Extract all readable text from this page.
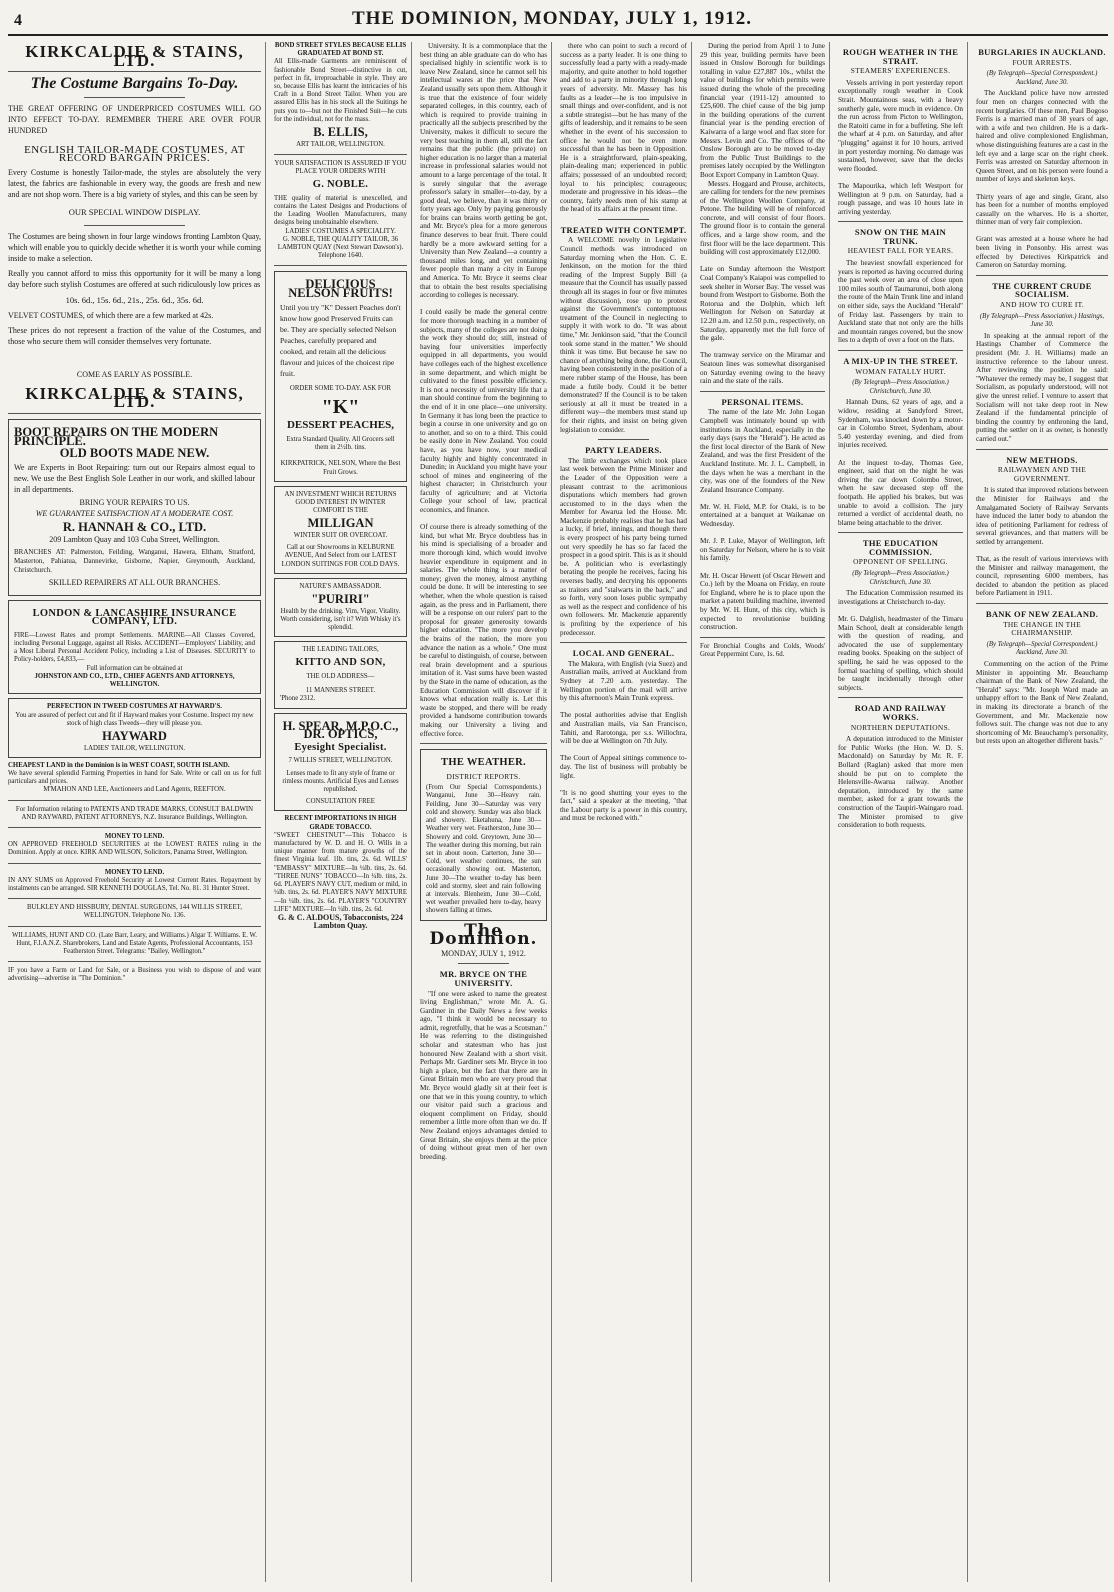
4	THE DOMINION, MONDAY, JULY 1, 1912.
KIRKCALDIE & STAINS, LTD.
The Costume Bargains To-Day.
THE GREAT OFFERING OF UNDERPRICED COSTUMES WILL GO INTO EFFECT TO-DAY. REMEMBER THERE ARE OVER FOUR HUNDRED
ENGLISH TAILOR-MADE COSTUMES, AT RECORD BARGAIN PRICES.
Every Costume is honestly Tailor-made, the styles are absolutely the very latest, the fabrics are fashionable in every way, the goods are fresh and new and are not shop worn. There is a big variety of styles, and this can be seen by
OUR SPECIAL WINDOW DISPLAY.
The Costumes are being shown in four large windows fronting Lambton Quay, which will enable you to quickly decide whether it is worth your while coming inside to make a selection.
Really you cannot afford to miss this opportunity for it will be many a long day before such stylish Costumes are offered at such ridiculously low prices as
10s. 6d., 15s. 6d., 21s., 25s. 6d., 35s. 6d.
VELVET COSTUMES, of which there are a few marked at 42s.
These prices do not represent a fraction of the value of the Costumes, and those who secure them will consider themselves very fortunate.
COME AS EARLY AS POSSIBLE.
KIRKCALDIE & STAINS, LTD.
BOOT REPAIRS ON THE MODERN PRINCIPLE.
OLD BOOTS MADE NEW.
We are Experts in Boot Repairing: turn out our Repairs almost equal to new. We use the Best English Sole Leather in our work, and skilled labour in all departments.
BRING YOUR REPAIRS TO US.
WE GUARANTEE SATISFACTION AT A MODERATE COST.
R. HANNAH & CO., LTD.
209 Lambton Quay and 103 Cuba Street, Wellington.
BRANCHES AT: Palmerston, Feilding, Wanganui, Hawera, Eltham, Stratford, Masterton, Pahiatua, Dannevirke, Gisborne, Napier, Greymouth, Auckland, Christchurch.
SKILLED REPAIRERS AT ALL OUR BRANCHES.
LONDON & LANCASHIRE INSURANCE COMPANY, LTD.
FIRE—Lowest Rates and prompt Settlements. MARINE—All Classes Covered, including Personal Luggage, against all Risks. ACCIDENT—Employers' Liability, and a Most Liberal Personal Accident Policy, including a List of Diseases. SECURITY to Policy-holders, £4,833,—
Full information can be obtained at
JOHNSTON AND CO., LTD., CHIEF AGENTS AND ATTORNEYS, WELLINGTON.
PERFECTION IN TWEED COSTUMES AT HAYWARD'S.
You are assured of perfect cut and fit if Hayward makes your Costume. Inspect my new stock of high class Tweeds—they will please you.
HAYWARD
LADIES' TAILOR, WELLINGTON.
CHEAPEST LAND in the Dominion is in WEST COAST, SOUTH ISLAND.
We have several splendid Farming Properties in hand for Sale. Write or call on us for full particulars and prices.
M'MAHON AND LEE, Auctioneers and Land Agents, REEFTON.
For Information relating to PATENTS AND TRADE MARKS, CONSULT BALDWIN AND RAYWARD, PATENT ATTORNEYS, N.Z. Insurance Buildings, Wellington.
MONEY TO LEND.
ON APPROVED FREEHOLD SECURITIES at the LOWEST RATES ruling in the Dominion. Apply at once. KIRK AND WILSON, Solicitors, Panama Street, Wellington.
MONEY TO LEND.
IN ANY SUMS on Approved Freehold Security at Lowest Current Rates. Repayment by instalments can be arranged. SIR KENNETH DOUGLAS, Tel. No. 81. 31 Hunter Street.
BULKLEY AND HISSBURY, DENTAL SURGEONS, 144 WILLIS STREET, WELLINGTON. Telephone No. 136.
WILLIAMS, HUNT AND CO. (Late Barr, Leary, and Williams.) Algar T. Williams. E. W. Hunt, F.I.A.N.Z. Sharebrokers, Land and Estate Agents, Professional Accountants, 153 Featherston Street. Telegrams: "Bailey, Wellington."
IF you have a Farm or Land for Sale, or a Business you wish to dispose of and want advertising—advertise in "The Dominion."
BOND STREET STYLES BECAUSE ELLIS GRADUATED AT BOND ST.
All Ellis-made Garments are reminiscent of fashionable Bond Street—distinctive in cut, perfect in fit, irreproachable in style. They are so, because Ellis has learnt the intricacies of his Craft in a Bond Street Tailor. When you are assured Ellis has in his stock all the Suitings he puts you to—but not the Finished Suit—he cuts for the individual, not for the mass.
B. ELLIS,
ART TAILOR, WELLINGTON.
YOUR SATISFACTION IS ASSURED IF YOU PLACE YOUR ORDERS WITH
G. NOBLE.
THE quality of material is unexcelled, and contains the Latest Designs and Productions of the Leading Woollen Manufacturers, many designs being unobtainable elsewhere.
LADIES' COSTUMES A SPECIALITY.
G. NOBLE, THE QUALITY TAILOR, 36 LAMBTON QUAY (Next Stewart Dawson's). Telephone 1640.
DELICIOUS NELSON FRUITS!
Until you try "K" Dessert Peaches don't know how good Preserved Fruits can be. They are specially selected Nelson Peaches, carefully prepared and cooked, and retain all the delicious flavour and juices of the choicest ripe fruit.
ORDER SOME TO-DAY. ASK FOR
"K"
DESSERT PEACHES,
Extra Standard Quality. All Grocers sell them in 2½lb. tins.
KIRKPATRICK, NELSON, Where the Best Fruit Grows.
AN INVESTMENT WHICH RETURNS GOOD INTEREST IN WINTER COMFORT IS THE
MILLIGAN
WINTER SUIT OR OVERCOAT.
Call at our Showrooms in KELBURNE AVENUE, And Select from our LATEST LONDON SUITINGS FOR COLD DAYS.
NATURE'S AMBASSADOR.
"PURIRI"
Health by the drinking. Vim, Vigor, Vitality. Worth considering, isn't it? With Whisky it's splendid.
THE LEADING TAILORS,
KITTO AND SON,
THE OLD ADDRESS—
11 MANNERS STREET.
'Phone 2312.
H. SPEAR, M.P.O.C., DR. OPTICS,
Eyesight Specialist.
7 WILLIS STREET, WELLINGTON.
Lenses made to fit any style of frame or rimless mounts. Artificial Eyes and Lenses republished.
CONSULTATION FREE
RECENT IMPORTATIONS IN HIGH GRADE TOBACCO.
"SWEET CHESTNUT"—This Tobacco is manufactured by W. D. and H. O. Wills in a unique manner from mature growths of the finest Virginia leaf. 1lb. tins, 2s. 6d. WILLS' "EMBASSY" MIXTURE—In ¼lb. tins, 2s. 6d. "THREE NUNS" TOBACCO—In ¼lb. tins, 2s. 6d. PLAYER'S NAVY CUT, medium or mild, in ¼lb. tins, 2s. 6d. PLAYER'S NAVY MIXTURE—In ¼lb. tins, 2s. 6d. PLAYER'S "COUNTRY LIFE" MIXTURE—In ¼lb. tins, 2s. 6d.
G. & C. ALDOUS, Tobacconists, 224 Lambton Quay.
University. It is a commonplace that the best thing an able graduate can do who has specialised highly in scientific work is to leave New Zealand, since he cannot sell his intellectual wares at the price that New Zealand usually sets upon them. Although it is true that the existence of four widely separated colleges, in this country, each of which is required to provide training in practically all the subjects prescribed by the University, makes it difficult to secure the very best teaching in them all, still the fact remains that the public (the private) on higher education is no larger than a material increase in professional salaries would not amount to a large percentage of the total. It is surely singular that the average professor's salary in smaller—to-day, by a good deal, we believe, than it was thirty or forty years ago. Only by paying generously for brains can brains worth getting be got, and Mr. Bryce's plea for a more generous finance deserves to bear fruit. There could hardly be a more awkward setting for a University than New Zealand—a country a thousand miles long, and yet containing fewer people than many a city in Europe and America. To Mr. Bryce it seems clear that to obtain the best results specialising according to colleges is necessary.

I could easily be made the general centre for more thorough teaching in a number of subjects, many of the colleges are not doing the work they should do; still, instead of having four universities imperfectly equipped in all departments, you would have colleges each of the highest excellence in some department, and which might be cultivated to the finest possible efficiency. It is not a necessity of university life that a man should continue from the beginning to the end of it in one place—one university. In Germany it has long been the practice to begin a course in one university and go on to another, and so on to a third. This could be easily done in New Zealand. You could have, as you have now, your medical faculty highly and highly concentrated in Dunedin; in Auckland you might have your school of mines and engineering of the highest character; in Christchurch your faculty of agriculture; and at Victoria College your school of law, practical economics, and finance.

Of course there is already something of the kind, but what Mr. Bryce doubtless has in his mind is specialising of a broader and more thorough kind, which would involve heavier expenditure in equipment and in salaries. The whole thing is a matter of money; given the money, almost anything could be done. It will be interesting to see whether, when the whole question is raised again, as the press and in Parliament, there will be a response on our rulers' part to the proposal for greater generosity towards higher education. "The more you develop the brains of the nation, the more you advance the nation as a whole." One must be careful to distinguish, of course, between real brain development and a spurious imitation of it. Vast sums have been wasted by the State in the name of education, as the Education Commission will discover if it knows what education really is. Let this waste be stopped, and there will be ready provided a handsome contribution towards making our University a living and effective force.
THE WEATHER.
DISTRICT REPORTS.
(From Our Special Correspondents.) Wanganui, June 30—Heavy rain. Feilding, June 30—Saturday was very cold and showery. Sunday was also black and showery. Eketahuna, June 30—Weather very wet. Featherston, June 30—Showery and cold. Greytown, June 30—The weather during this morning, but rain set in about noon. Carterton, June 30—Cold, wet weather continues, the sun occasionally showing out. Masterton, June 30—The weather to-day has been cold and stormy, sleet and rain following at intervals. Blenheim, June 30—Cold, wet weather prevailed here to-day, heavy showers falling at times.
The Dominion.
MONDAY, JULY 1, 1912.
MR. BRYCE ON THE UNIVERSITY.
"If one were asked to name the greatest living Englishman," wrote Mr. A. G. Gardiner in the Daily News a few weeks ago, "I think it would be necessary to admit, regretfully, that he was a Scotsman." He was referring to the distinguished scholar and statesman who has just honoured New Zealand with a short visit. Perhaps Mr. Gardiner sets Mr. Bryce in too high a place, but the fact that there are in Great Britain men who are very proud that Mr. Bryce would gladly sit at their feet is one that we in this young country, to which our visitor paid such a gracious and eloquent compliment on Friday, should remember a little more often than we do. If New Zealand enjoys advantages denied to Great Britain, she enjoys them at the price of doing without great men of her own breeding.
there who can point to such a record of success as a party leader. It is one thing to successfully lead a party with a ready-made majority, and quite another to hold together and add to a party in minority through long years of adversity. Mr. Massey has his faults as a leader—he is too impulsive in small things and over-confident, and is not a subtle strategist—but he has many of the gifts of leadership, and it remains to be seen whether in the event of his succession to office he would not be even more successful than he has been in Opposition. He is a straightforward, plain-speaking, plain-dealing man; experienced in public affairs; possessed of an undoubted record; loyal to his principles; courageous; moderate and progressive in his ideas—the country, fairly needs men of his stamp at the head of its affairs at the present time.
TREATED WITH CONTEMPT.
A WELCOME novelty in Legislative Council methods was introduced on Saturday morning when the Hon. C. E. Jenkinson, on the motion for the third reading of the Imprest Supply Bill (a measure that the Council has usually passed through all its stages in four or five minutes without discussion), rose up to protest against the Government's contemptuous treatment of the Council in neglecting to supply it with work to do. "It was about time," Mr. Jenkinson said, "that the Council took some stand in the matter." We should think it was time. But because he saw no chance of anything being done, the Council, having been consistently in the position of a mere rubber stamp of the House, has been made a futile body. Could it be better demonstrated? If the Council is to be taken seriously at all it must be treated in a different way—the members must stand up for their rights, and insist on being given legislation to consider.
PARTY LEADERS.
The little exchanges which took place last week between the Prime Minister and the Leader of the Opposition were a pleasant contrast to the acrimonious disputations which members had grown accustomed to in the days when the Member for Awarua led the House. Mr. Mackenzie probably realises that he has had a lucky, if brief, innings, and though there is every prospect of his party being turned out very speedily he has so far faced the prospect in a good spirit. This is as it should be. A politician who is everlastingly berating the people he receives, facing his reverses badly, and decrying his opponents as traitors and "stalwarts in the back," and so forth, very soon loses public sympathy as well as the respect and confidence of his own followers. Mr. Mackenzie apparently is profiting by the experience of his predecessor.
LOCAL AND GENERAL.
The Makura, with English (via Suez) and Australian mails, arrived at Auckland from Sydney at 7.20 a.m. yesterday. The Wellington portion of the mail will arrive by this afternoon's Main Trunk express.

The postal authorities advise that English and Australian mails, via San Francisco, Tahiti, and Rarotonga, per s.s. Willochra, will be due at Wellington on 7th July.

The Court of Appeal sittings commence to-day. The list of business will probably be light.

"It is no good shutting your eyes to the fact," said a speaker at the meeting, "that the Labour party is a power in this country, and must be reckoned with."
During the period from April 1 to June 29 this year, building permits have been issued in Onslow Borough for buildings totalling in value £27,887 10s., whilst the value of buildings for which permits were issued during the whole of the preceding financial year (1911-12) amounted to £25,600. The chief cause of the big jump in the building operations of the current financial year is the pending erection of Kaiwarra of a large wool and flax store for Messrs. Levin and Co. The offices of the Onslow Borough are to be moved to-day from the Public Trust Buildings to the premises lately occupied by the Wellington Boot Export Company in Lambton Quay.
Messrs. Hoggard and Prouse, architects, are calling for tenders for the new premises of the Wellington Woollen Company, at Petone. The building will be of reinforced concrete, and will consist of four floors. The ground floor is to contain the general offices, and a large show room, and the first floor will be the lace department. This building will cost approximately £12,000.

Late on Sunday afternoon the Westport Coal Company's Kaiapoi was compelled to seek shelter in Worser Bay. The vessel was bound from Westport to Gisborne. Both the Rotorua and the Dolphin, which left Wellington for Nelson on Saturday at 12.20 a.m. and 12.50 p.m., respectively, on Saturday, apparently met the full force of the gale.

The tramway service on the Miramar and Seatoun lines was somewhat disorganised on Saturday evening owing to the heavy rain and the state of the rails.
PERSONAL ITEMS.
The name of the late Mr. John Logan Campbell was intimately bound up with institutions in Auckland, especially in the early days (says the "Herald"). He acted as the first local director of the Bank of New Zealand, and was the first President of the Auckland Institute. Mr. J. L. Campbell, in the days when he was a merchant in the city, was one of the founders of the New Zealand Insurance Company.

Mr. W. H. Field, M.P. for Otaki, is to be entertained at a banquet at Waikanae on Wednesday.

Mr. J. P. Luke, Mayor of Wellington, left on Saturday for Nelson, where he is to visit his family.

Mr. H. Oscar Hewett (of Oscar Hewett and Co.) left by the Moana on Friday, en route for England, where he is to place upon the market a patent building machine, invented by Mr. W. H. Hunt, of this city, which is expected to revolutionise building construction.
For Bronchial Coughs and Colds, Woods' Great Peppermint Cure, 1s. 6d.
ROUGH WEATHER IN THE STRAIT.
STEAMERS' EXPERIENCES.
Vessels arriving in port yesterday report exceptionally rough weather in Cook Strait. Mountainous seas, with a heavy southerly gale, were much in evidence. On the run across from Picton to Wellington, the Ratoiti came in for a buffeting. She left the wharf at 4 p.m. on Saturday, and after "plugging" against it for 10 hours, arrived in port yesterday morning. No damage was sustained, however, save that the decks were flooded.

The Mapourika, which left Westport for Wellington at 9 p.m. on Saturday, had a rough passage, and was 10 hours late in arriving yesterday.
SNOW ON THE MAIN TRUNK.
HEAVIEST FALL FOR YEARS.
The heaviest snowfall experienced for years is reported as having occurred during the past week over an area of close upon 100 miles south of Taumarunui, both along the route of the Main Trunk line and inland on either side, says the Auckland "Herald" of Friday last. Passengers by train to Auckland state that not only are the hills and mountain ranges covered, but the snow lies to a depth of over a foot on the flats.
A MIX-UP IN THE STREET.
WOMAN FATALLY HURT.
(By Telegraph—Press Association.) Christchurch, June 30.
Hannah Duns, 62 years of age, and a widow, residing at Sandyford Street, Sydenham, was knocked down by a motor-car in Colombo Street, Sydenham, about 5.40 yesterday evening, and died from injuries received.

At the inquest to-day, Thomas Gee, engineer, said that on the night he was driving the car down Colombo Street, when he saw deceased step off the footpath. He applied his brakes, but was unable to avoid a collision. The jury returned a verdict of accidental death, no blame being attachable to the driver.
THE EDUCATION COMMISSION.
OPPONENT OF SPELLING.
(By Telegraph—Press Association.) Christchurch, June 30.
The Education Commission resumed its investigations at Christchurch to-day.

Mr. G. Dalglish, headmaster of the Timaru Main School, dealt at considerable length with the question of reading, and advocated the use of supplementary reading books. Speaking on the subject of spelling, he said he was opposed to the formal teaching of spelling, which should be taught incidentally through other subjects.
ROAD AND RAILWAY WORKS.
NORTHERN DEPUTATIONS.
A deputation introduced to the Minister for Public Works (the Hon. W. D. S. Macdonald) on Saturday by Mr. R. F. Bollard (Raglan) asked that more men should be put on to complete the Helensville-Awarua railway. Another deputation, introduced by the same member, asked for a grant towards the construction of the Taupiri-Waingaro road. The Minister promised to give consideration to both requests.
BURGLARIES IN AUCKLAND.
FOUR ARRESTS.
(By Telegraph—Special Correspondent.) Auckland, June 30.
The Auckland police have now arrested four men on charges connected with the recent burglaries. Of these men, Paul Bogoso Ferris is a married man of 38 years of age, with a wife and two children. He is a dark-haired and olive complexioned Englishman, whose distinguishing features are a cast in the left eye and a large scar on the right cheek. Ferris was arrested on Saturday afternoon in Queen Street, and on his person were found a number of keys and skeleton keys.

Thirty years of age and single, Grant, also has been for a number of months employed casually on the wharves. He is a shorter, thinner man of very fair complexion.

Grant was arrested at a house where he had been living in Ponsonby. His arrest was effected by Detectives Kirkpatrick and Cameron on Saturday morning.
THE CURRENT CRUDE SOCIALISM.
AND HOW TO CURE IT.
(By Telegraph—Press Association.) Hastings, June 30.
In speaking at the annual report of the Hastings Chamber of Commerce the president (Mr. J. H. Williams) made an instructive reference to the labour unrest. After reviewing the position he said: "Whatever the remedy may be, I suggest that Socialism, as popularly understood, will not give the unrest relief. I venture to assert that Socialism will not take deep root in New Zealand if the fundamental principle of binding the country by enthroning the land, putting the settler on it as owner, is honestly carried out."
NEW METHODS.
RAILWAYMEN AND THE GOVERNMENT.
It is stated that improved relations between the Minister for Railways and the Amalgamated Society of Railway Servants have induced the latter body to abandon the idea of petitioning Parliament for redress of several grievances, and that matters will be settled by arrangement.

That, as the result of various interviews with the Minister and railway management, the council, representing 6000 members, has decided to abandon the petition as placed before Parliament in 1911.
BANK OF NEW ZEALAND.
THE CHANGE IN THE CHAIRMANSHIP.
(By Telegraph—Special Correspondent.) Auckland, June 30.
Commenting on the action of the Prime Minister in appointing Mr. Beauchamp chairman of the Bank of New Zealand, the "Herald" says: "Mr. Joseph Ward made an unhappy effort to the Bank of New Zealand, in making its directorate a branch of the Government, and Mr. Mackenzie now follows suit. The change was not due to any shortcoming of Mr. Beauchamp's personality, but rests upon an altogether different basis."
